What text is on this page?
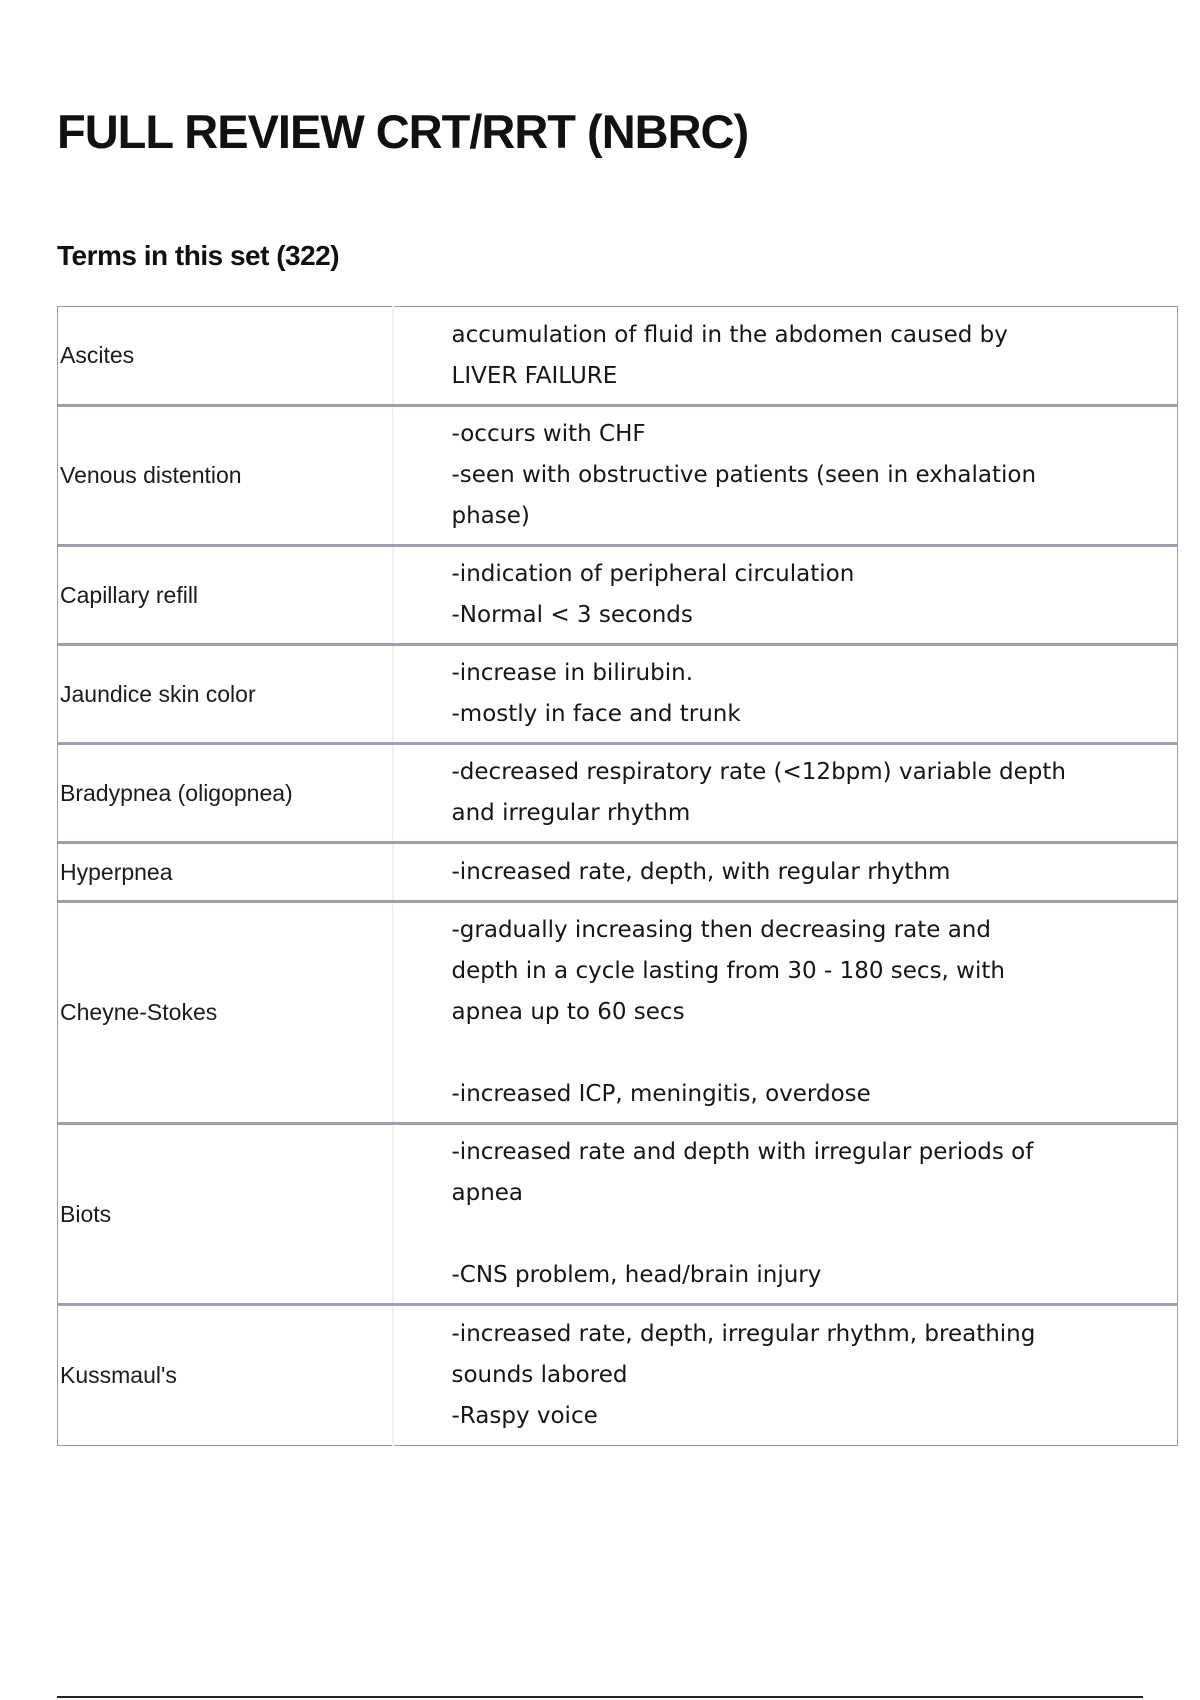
FULL REVIEW CRT/RRT (NBRC)
Terms in this set (322)
Ascites	accumulation of fluid in the abdomen caused by
LIVER FAILURE
Venous distention	-occurs with CHF
-seen with obstructive patients (seen in exhalation
phase)
Capillary refill	-indication of peripheral circulation
-Normal < 3 seconds
Jaundice skin color	-increase in bilirubin.
-mostly in face and trunk
Bradypnea (oligopnea)	-decreased respiratory rate (<12bpm) variable depth
and irregular rhythm
Hyperpnea	-increased rate, depth, with regular rhythm
Cheyne-Stokes	-gradually increasing then decreasing rate and
depth in a cycle lasting from 30 - 180 secs, with
apnea up to 60 secs

-increased ICP, meningitis, overdose
Biots	-increased rate and depth with irregular periods of
apnea

-CNS problem, head/brain injury
Kussmaul's	-increased rate, depth, irregular rhythm, breathing
sounds labored
-Raspy voice
